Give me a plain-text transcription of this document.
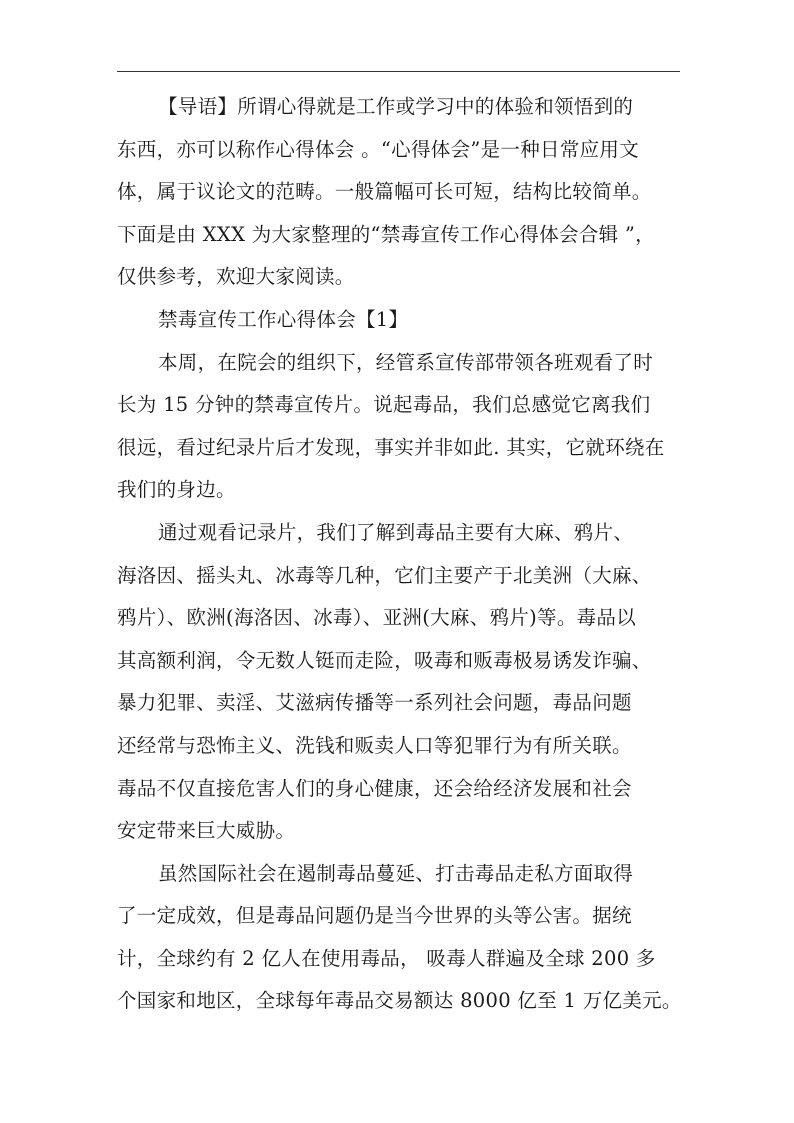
【导语】所谓心得就是工作或学习中的体验和领悟到的
东西，亦可以称作心得体会 。“心得体会”是一种日常应用文
体，属于议论文的范畴。一般篇幅可长可短，结构比较简单。
下面是由 XXX 为大家整理的“禁毒宣传工作心得体会合辑 ”，
仅供参考，欢迎大家阅读。
禁毒宣传工作心得体会【1】
本周，在院会的组织下，经管系宣传部带领各班观看了时
长为 15 分钟的禁毒宣传片。说起毒品，我们总感觉它离我们
很远，看过纪录片后才发现，事实并非如此. 其实，它就环绕在
我们的身边。
通过观看记录片，我们了解到毒品主要有大麻、鸦片、
海洛因、摇头丸、冰毒等几种，它们主要产于北美洲（大麻、
鸦片）、欧洲(海洛因、冰毒）、亚洲(大麻、鸦片)等。毒品以
其高额利润，令无数人铤而走险，吸毒和贩毒极易诱发诈骗、
暴力犯罪、卖淫、艾滋病传播等一系列社会问题，毒品问题
还经常与恐怖主义、洗钱和贩卖人口等犯罪行为有所关联。
毒品不仅直接危害人们的身心健康，还会给经济发展和社会
安定带来巨大威胁。
虽然国际社会在遏制毒品蔓延、打击毒品走私方面取得
了一定成效，但是毒品问题仍是当今世界的头等公害。据统
计，全球约有 2 亿人在使用毒品， 吸毒人群遍及全球 200 多
个国家和地区，全球每年毒品交易额达 8000 亿至 1 万亿美元。
